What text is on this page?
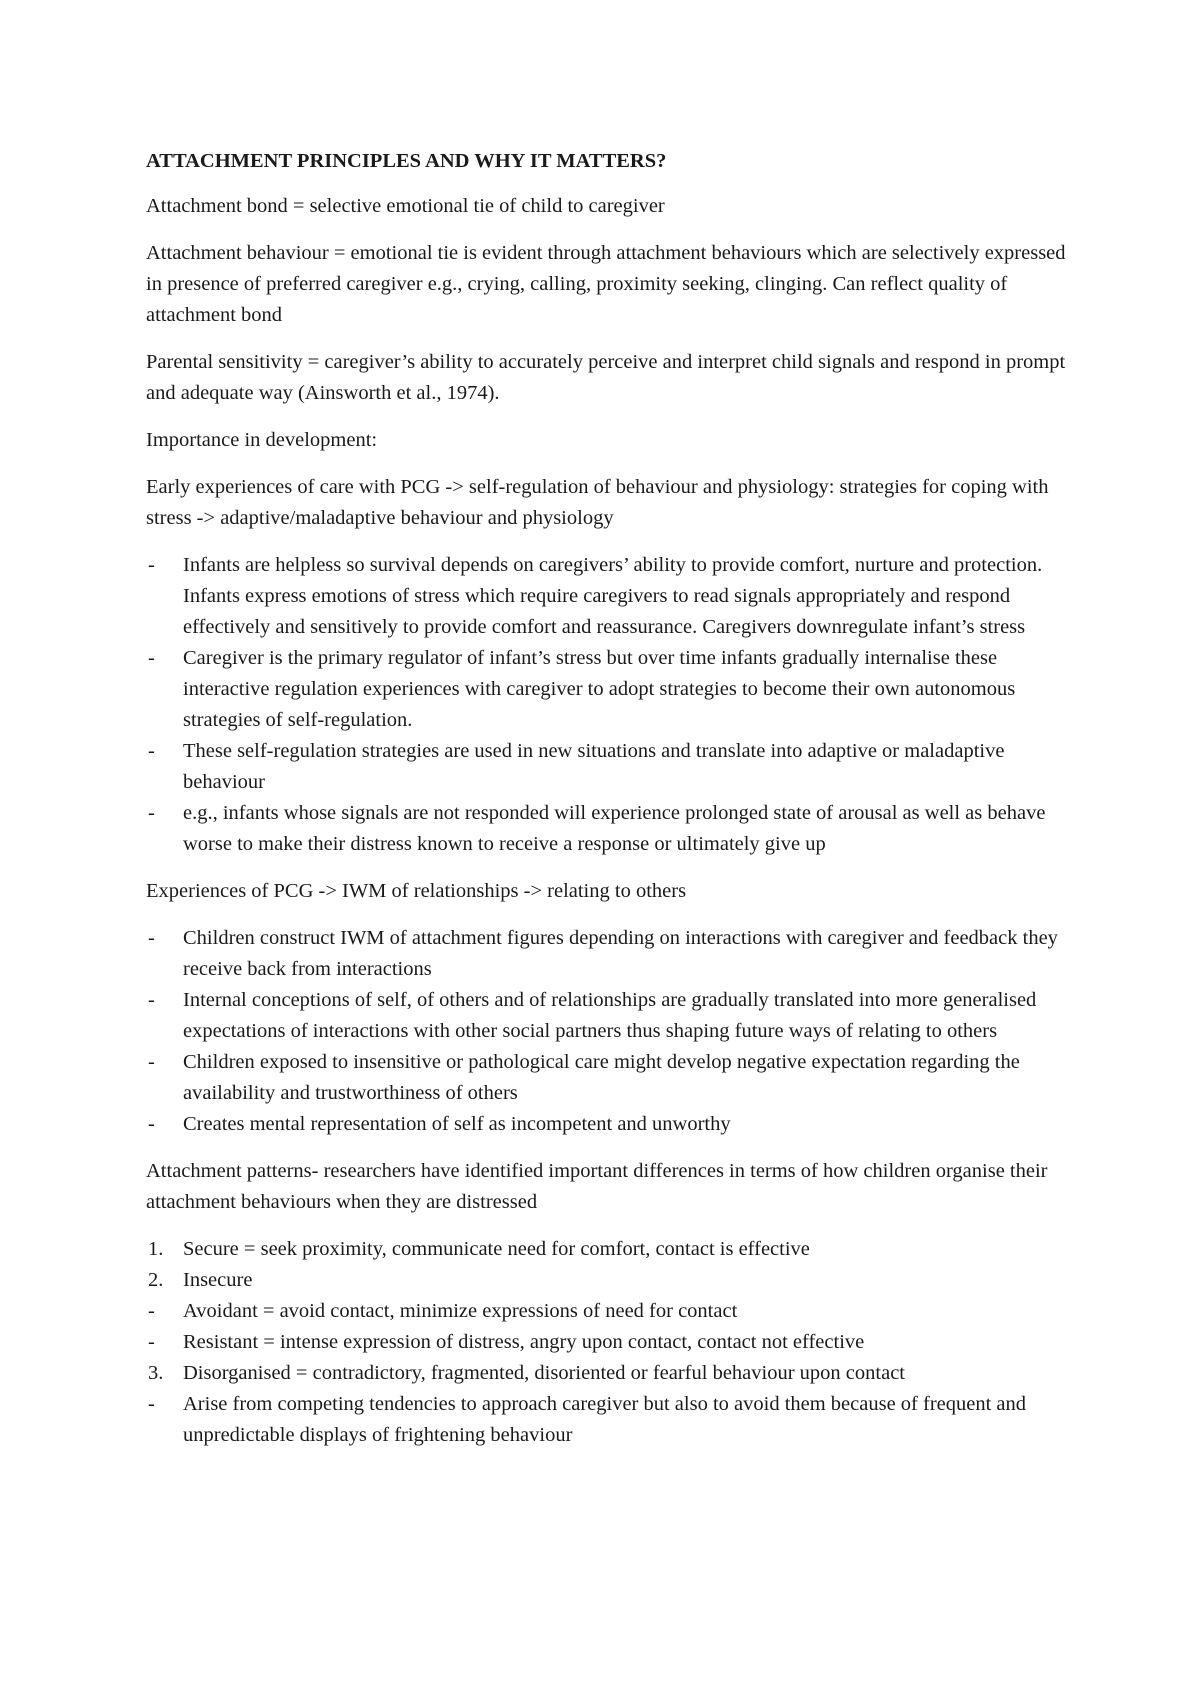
ATTACHMENT PRINCIPLES AND WHY IT MATTERS?

Attachment bond = selective emotional tie of child to caregiver

Attachment behaviour = emotional tie is evident through attachment behaviours which are selectively expressed in presence of preferred caregiver e.g., crying, calling, proximity seeking, clinging. Can reflect quality of attachment bond

Parental sensitivity = caregiver’s ability to accurately perceive and interpret child signals and respond in prompt and adequate way (Ainsworth et al., 1974).

Importance in development:

Early experiences of care with PCG -> self-regulation of behaviour and physiology: strategies for coping with stress -> adaptive/maladaptive behaviour and physiology

- Infants are helpless so survival depends on caregivers’ ability to provide comfort, nurture and protection. Infants express emotions of stress which require caregivers to read signals appropriately and respond effectively and sensitively to provide comfort and reassurance. Caregivers downregulate infant’s stress
- Caregiver is the primary regulator of infant’s stress but over time infants gradually internalise these interactive regulation experiences with caregiver to adopt strategies to become their own autonomous strategies of self-regulation.
- These self-regulation strategies are used in new situations and translate into adaptive or maladaptive behaviour
- e.g., infants whose signals are not responded will experience prolonged state of arousal as well as behave worse to make their distress known to receive a response or ultimately give up

Experiences of PCG -> IWM of relationships -> relating to others

- Children construct IWM of attachment figures depending on interactions with caregiver and feedback they receive back from interactions
- Internal conceptions of self, of others and of relationships are gradually translated into more generalised expectations of interactions with other social partners thus shaping future ways of relating to others
- Children exposed to insensitive or pathological care might develop negative expectation regarding the availability and trustworthiness of others
- Creates mental representation of self as incompetent and unworthy

Attachment patterns- researchers have identified important differences in terms of how children organise their attachment behaviours when they are distressed

1. Secure = seek proximity, communicate need for comfort, contact is effective
2. Insecure
- Avoidant = avoid contact, minimize expressions of need for contact
- Resistant = intense expression of distress, angry upon contact, contact not effective
3. Disorganised = contradictory, fragmented, disoriented or fearful behaviour upon contact
- Arise from competing tendencies to approach caregiver but also to avoid them because of frequent and unpredictable displays of frightening behaviour
